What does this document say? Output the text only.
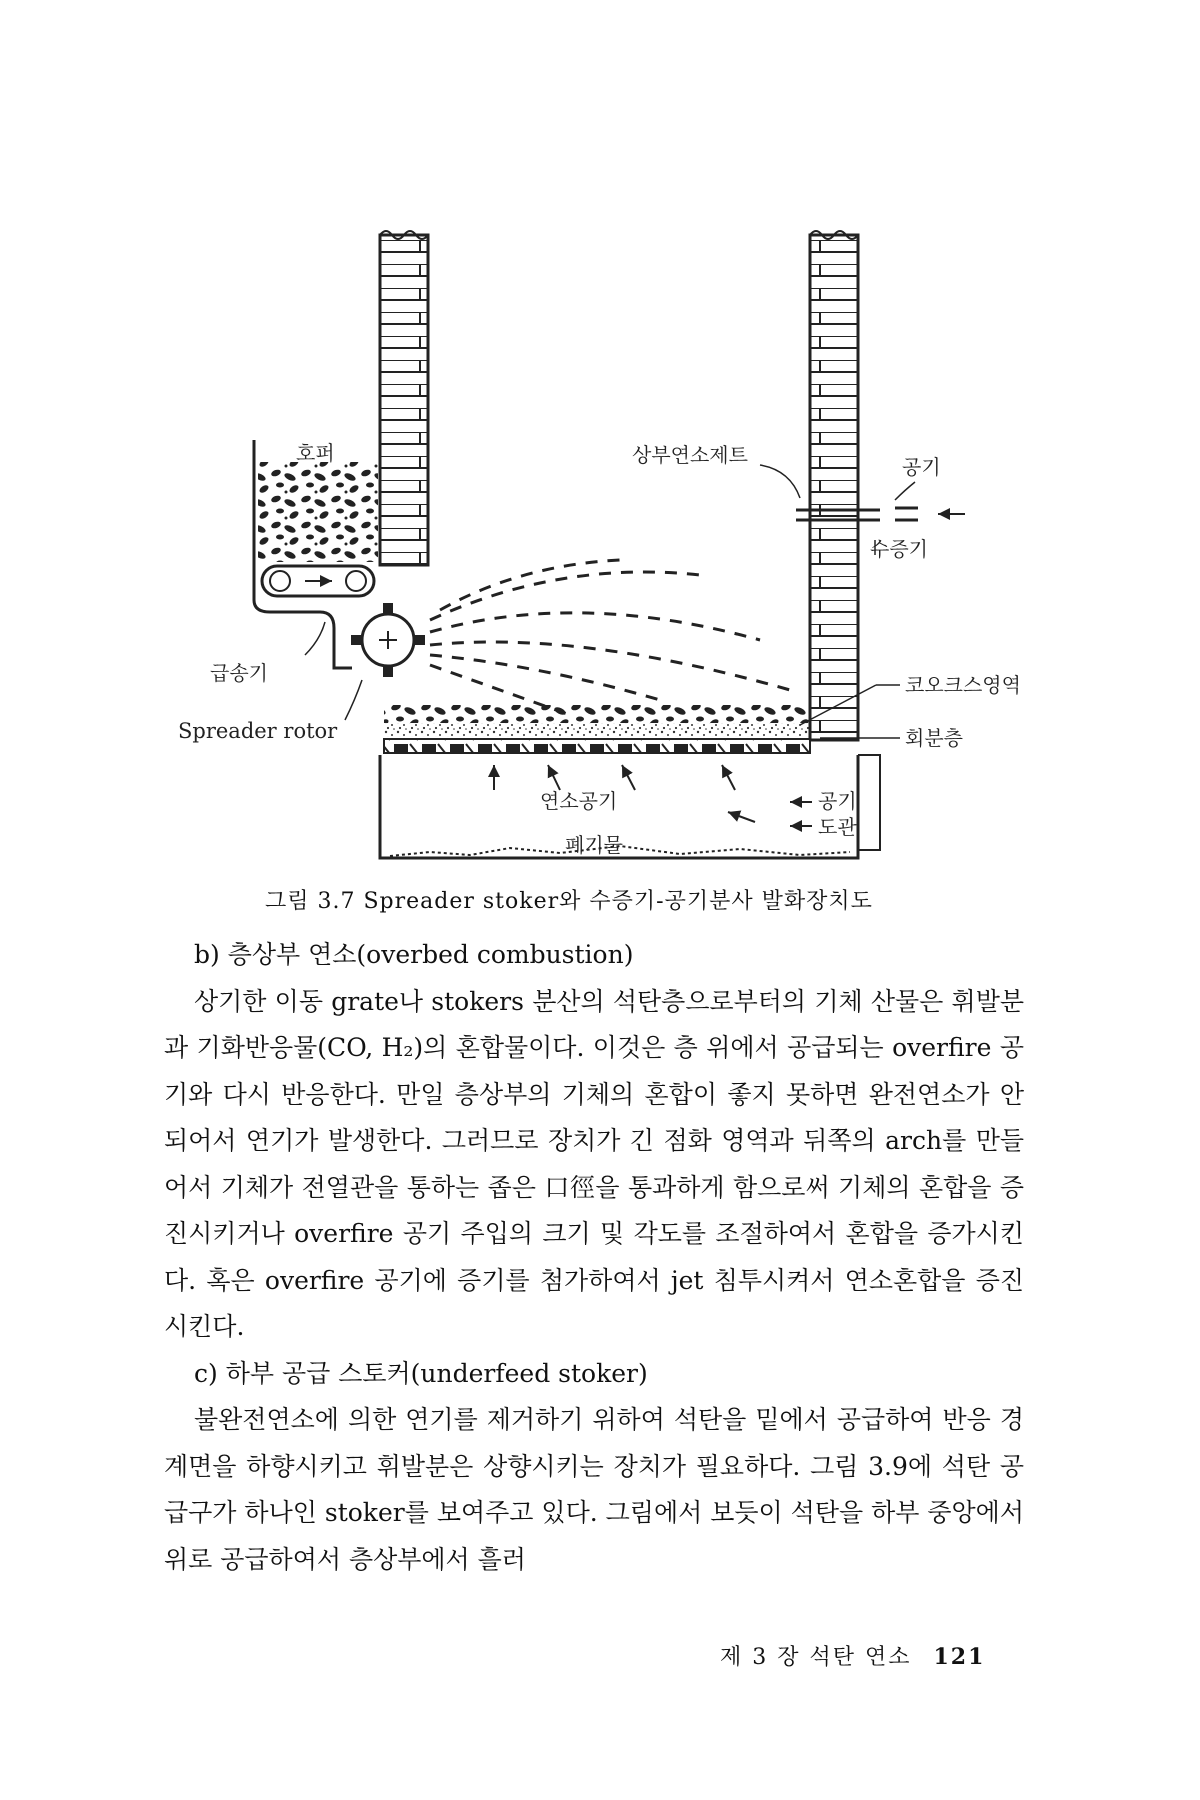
호퍼	상부연소제트	공기
수증기
급송기
Spreader rotor
코오크스영역
회분층
연소공기	공기
도관
폐기물
그림 3.7 Spreader stoker와 수증기-공기분사 발화장치도

b) 층상부 연소(overbed combustion)

상기한 이동 grate나 stokers 분산의 석탄층으로부터의 기체 산물은 휘발분과 기화반응물(CO, H₂)의 혼합물이다. 이것은 층 위에서 공급되는 overfire 공기와 다시 반응한다. 만일 층상부의 기체의 혼합이 좋지 못하면 완전연소가 안되어서 연기가 발생한다. 그러므로 장치가 긴 점화 영역과 뒤쪽의 arch를 만들어서 기체가 전열관을 통하는 좁은 口徑을 통과하게 함으로써 기체의 혼합을 증진시키거나 overfire 공기 주입의 크기 및 각도를 조절하여서 혼합을 증가시킨다. 혹은 overfire 공기에 증기를 첨가하여서 jet 침투시켜서 연소혼합을 증진시킨다.

c) 하부 공급 스토커(underfeed stoker)

불완전연소에 의한 연기를 제거하기 위하여 석탄을 밑에서 공급하여 반응 경계면을 하향시키고 휘발분은 상향시키는 장치가 필요하다. 그림 3.9에 석탄 공급구가 하나인 stoker를 보여주고 있다. 그림에서 보듯이 석탄을 하부 중앙에서 위로 공급하여서 층상부에서 흘러

제 3 장 석탄 연소 121
